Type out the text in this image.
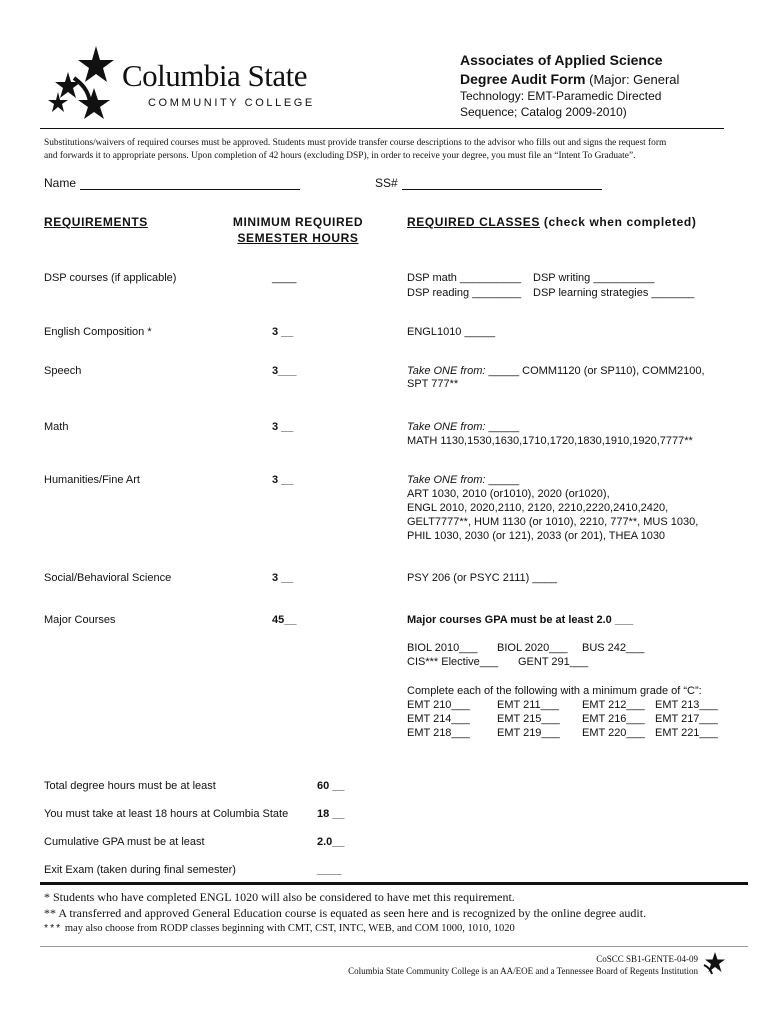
Columbia State
COMMUNITY COLLEGE
Associates of Applied Science
Degree Audit Form (Major: General
Technology: EMT-Paramedic Directed
Sequence; Catalog 2009-2010)
Substitutions/waivers of required courses must be approved. Students must provide transfer course descriptions to the advisor who fills out and signs the request form
and forwards it to appropriate persons. Upon completion of 42 hours (excluding DSP), in order to receive your degree, you must file an “Intent To Graduate”.
Name	SS#
REQUIREMENTS	MINIMUM REQUIRED
SEMESTER HOURS
REQUIRED CLASSES (check when completed)
DSP courses (if applicable)	____	DSP math __________ DSP writing __________
DSP reading ________ DSP learning strategies _______
English Composition *	3 __	ENGL1010 _____
Speech	3___	Take ONE from: _____ COMM1120 (or SP110), COMM2100,
SPT 777**
Math	3 __	Take ONE from: _____
MATH 1130,1530,1630,1710,1720,1830,1910,1920,7777**
Humanities/Fine Art	3 __	Take ONE from: _____
ART 1030, 2010 (or1010), 2020 (or1020),
ENGL 2010, 2020,2110, 2120, 2210,2220,2410,2420,
GELT7777**, HUM 1130 (or 1010), 2210, 777**, MUS 1030,
PHIL 1030, 2030 (or 121), 2033 (or 201), THEA 1030
Social/Behavioral Science	3 __	PSY 206 (or PSYC 2111) ____
Major Courses	45__	Major courses GPA must be at least 2.0 ___
BIOL 2010___ BIOL 2020___ BUS 242___
CIS*** Elective___ GENT 291___
Complete each of the following with a minimum grade of “C”:
EMT 210___ EMT 211___ EMT 212___ EMT 213___
EMT 214___ EMT 215___ EMT 216___ EMT 217___
EMT 218___ EMT 219___ EMT 220___ EMT 221___
Total degree hours must be at least	60 __
You must take at least 18 hours at Columbia State	18 __
Cumulative GPA must be at least	2.0__
Exit Exam (taken during final semester)	____
* Students who have completed ENGL 1020 will also be considered to have met this requirement.
** A transferred and approved General Education course is equated as seen here and is recognized by the online degree audit.
*** may also choose from RODP classes beginning with CMT, CST, INTC, WEB, and COM 1000, 1010, 1020
CoSCC SB1-GENTE-04-09
Columbia State Community College is an AA/EOE and a Tennessee Board of Regents Institution
